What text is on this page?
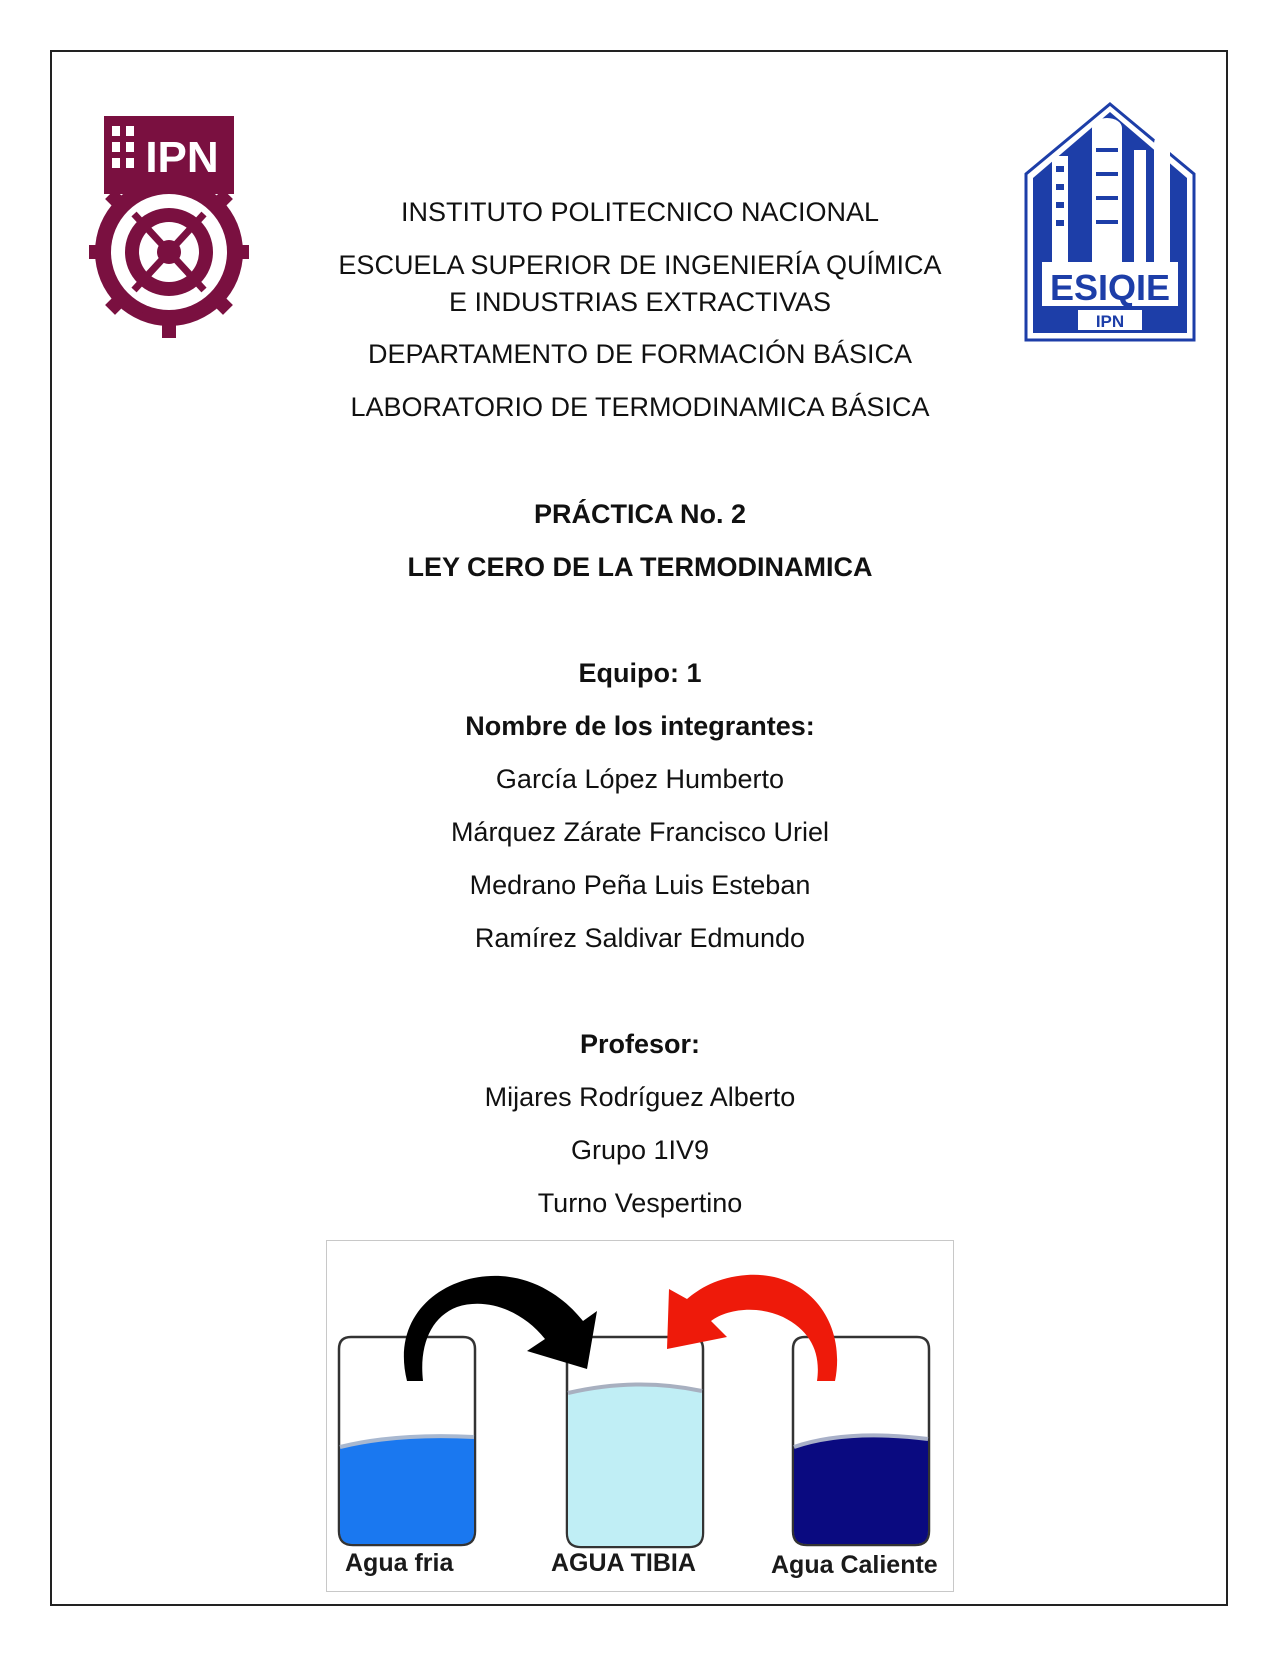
IPN
ESIQIE
IPN
INSTITUTO POLITECNICO NACIONAL
ESCUELA SUPERIOR DE INGENIERÍA QUÍMICA
E INDUSTRIAS EXTRACTIVAS
DEPARTAMENTO DE FORMACIÓN BÁSICA
LABORATORIO DE TERMODINAMICA BÁSICA
PRÁCTICA No. 2
LEY CERO DE LA TERMODINAMICA
Equipo: 1
Nombre de los integrantes:
García López Humberto
Márquez Zárate Francisco Uriel
Medrano Peña Luis Esteban
Ramírez Saldivar Edmundo
Profesor:
Mijares Rodríguez Alberto
Grupo 1IV9
Turno Vespertino
Agua fria	AGUA TIBIA	Agua Caliente
